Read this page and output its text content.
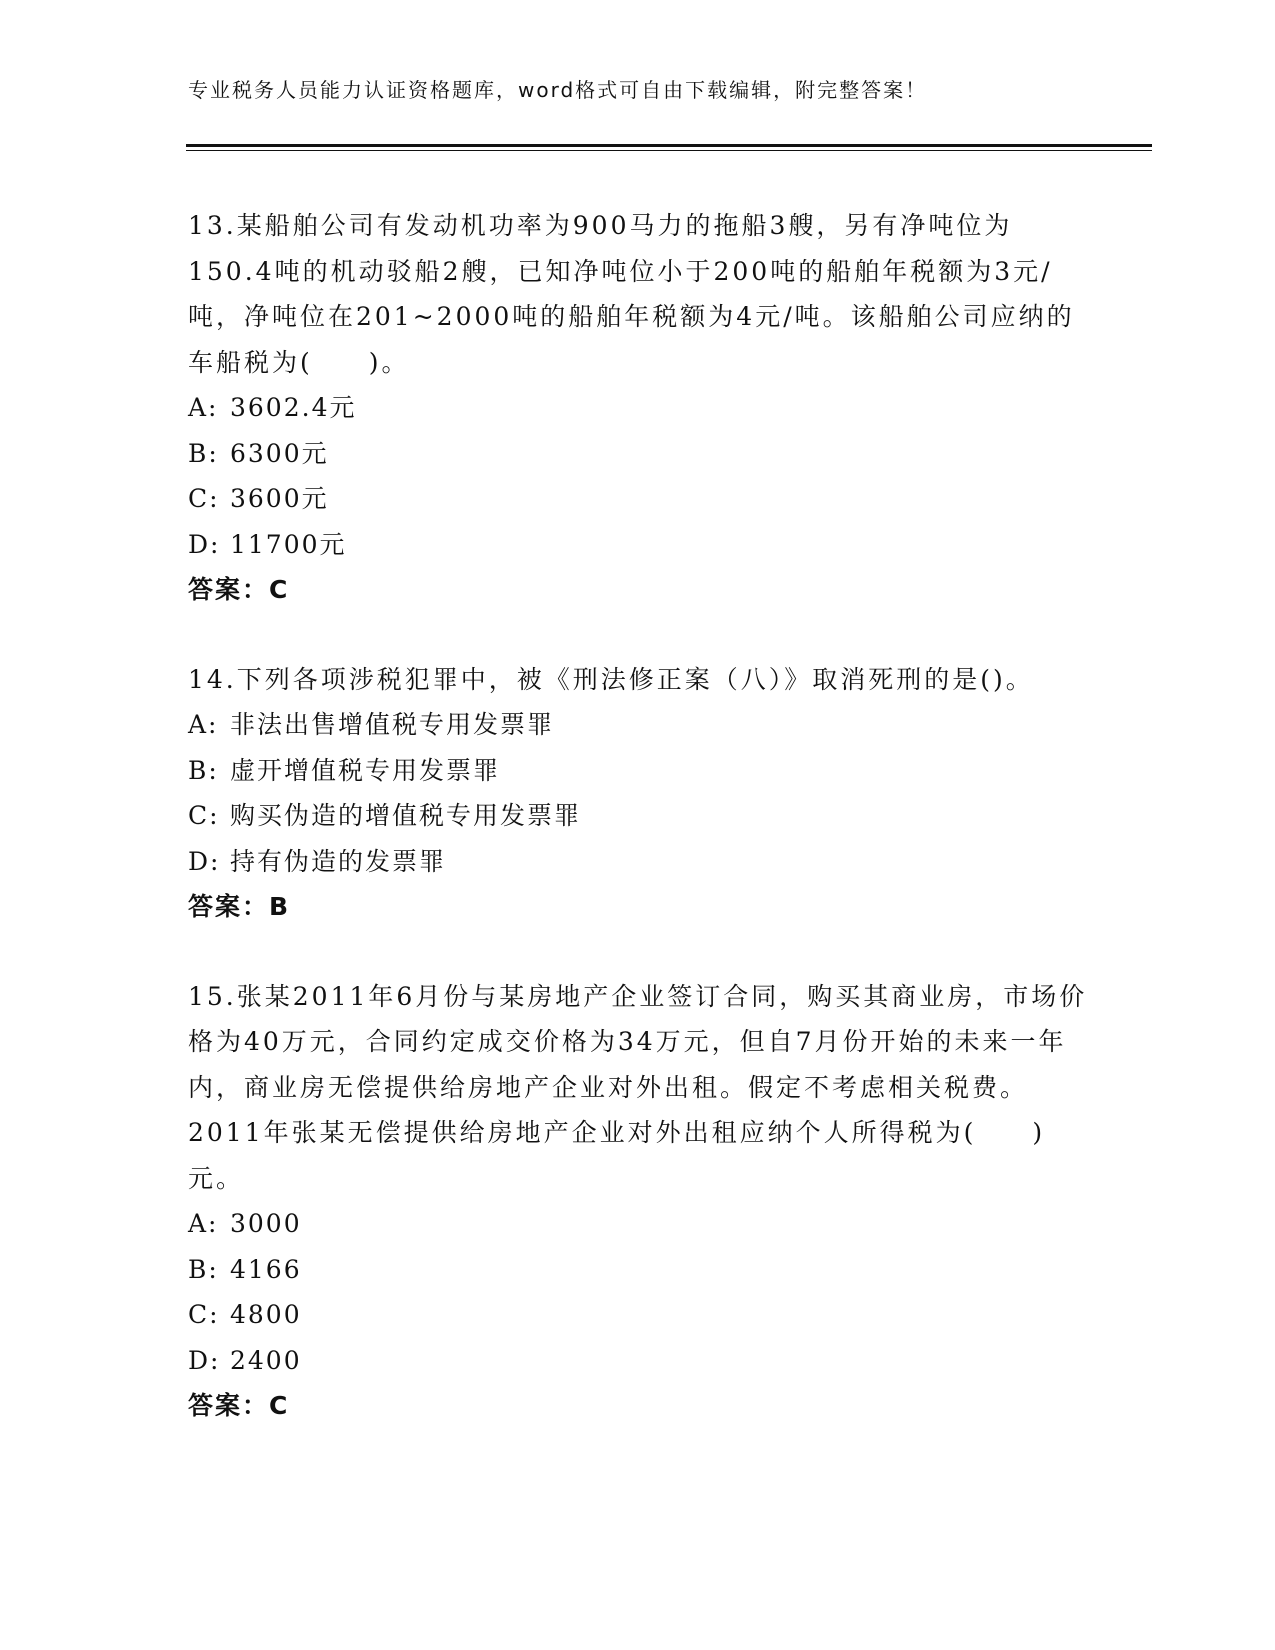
专业税务人员能力认证资格题库，word格式可自由下载编辑，附完整答案！

13.某船舶公司有发动机功率为900马力的拖船3艘，另有净吨位为150.4吨的机动驳船2艘，已知净吨位小于200吨的船舶年税额为3元/吨，净吨位在201~2000吨的船舶年税额为4元/吨。该船舶公司应纳的车船税为(　　)。

A: 3602.4元

B: 6300元

C: 3600元

D: 11700元

答案：C

14.下列各项涉税犯罪中，被《刑法修正案（八）》取消死刑的是()。

A: 非法出售增值税专用发票罪

B: 虚开增值税专用发票罪

C: 购买伪造的增值税专用发票罪

D: 持有伪造的发票罪

答案：B

15.张某2011年6月份与某房地产企业签订合同，购买其商业房，市场价格为40万元，合同约定成交价格为34万元，但自7月份开始的未来一年内，商业房无偿提供给房地产企业对外出租。假定不考虑相关税费。2011年张某无偿提供给房地产企业对外出租应纳个人所得税为(　　)元。

A: 3000

B: 4166

C: 4800

D: 2400

答案：C
